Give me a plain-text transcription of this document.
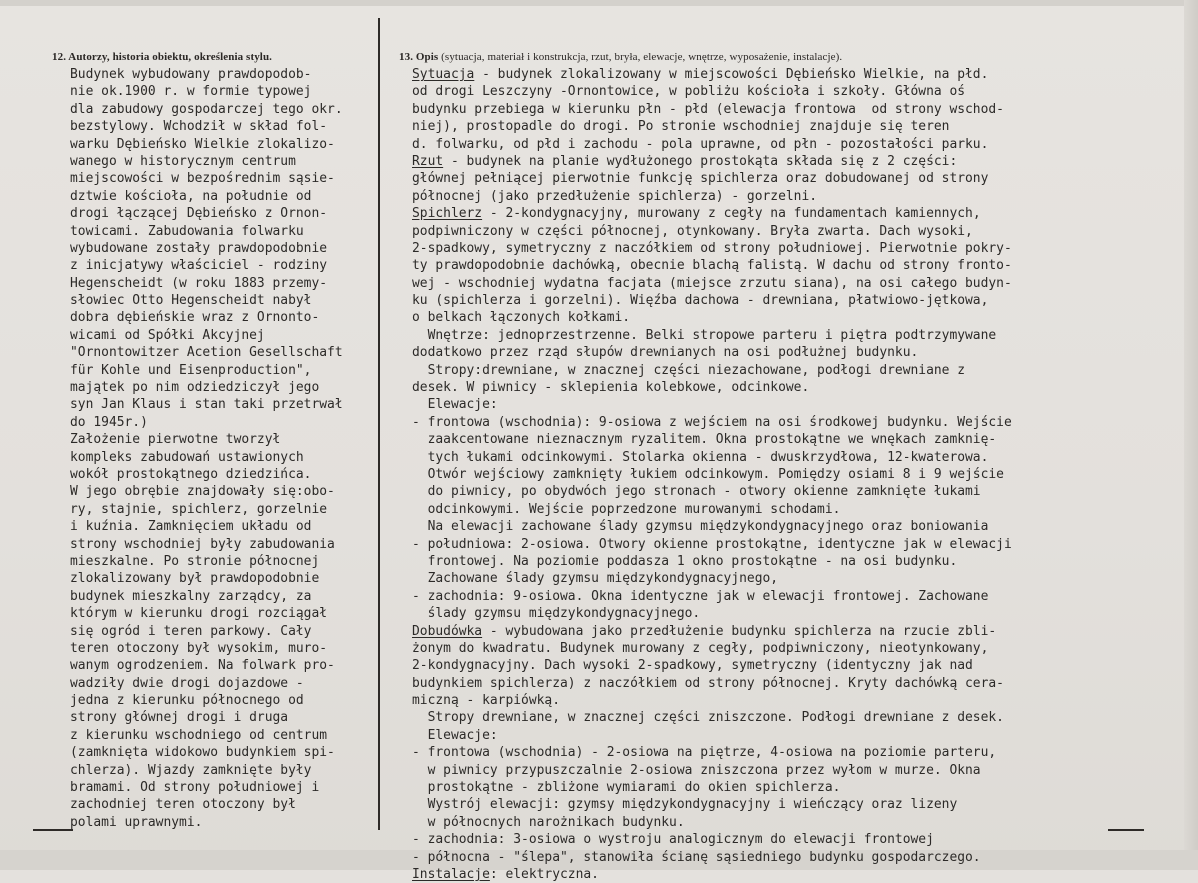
12. Autorzy, historia obiektu, określenia stylu.	13. Opis (sytuacja, materiał i konstrukcja, rzut, bryła, elewacje, wnętrze, wyposażenie, instalacje).
Budynek wybudowany prawdopodob-
nie ok.1900 r. w formie typowej
dla zabudowy gospodarczej tego okr.
bezstylowy. Wchodził w skład fol-
warku Dębieńsko Wielkie zlokalizo-
wanego w historycznym centrum
miejscowości w bezpośrednim sąsie-
dztwie kościoła, na południe od
drogi łączącej Dębieńsko z Ornon-
towicami. Zabudowania folwarku
wybudowane zostały prawdopodobnie
z inicjatywy właściciel - rodziny
Hegenscheidt (w roku 1883 przemy-
słowiec Otto Hegenscheidt nabył
dobra dębieńskie wraz z Ornonto-
wicami od Spółki Akcyjnej
"Ornontowitzer Acetion Gesellschaft
für Kohle und Eisenproduction",
majątek po nim odziedziczył jego
syn Jan Klaus i stan taki przetrwał
do 1945r.)
Założenie pierwotne tworzył
kompleks zabudowań ustawionych
wokół prostokątnego dziedzińca.
W jego obrębie znajdowały się:obo-
ry, stajnie, spichlerz, gorzelnie
i kuźnia. Zamknięciem układu od
strony wschodniej były zabudowania
mieszkalne. Po stronie północnej
zlokalizowany był prawdopodobnie
budynek mieszkalny zarządcy, za
którym w kierunku drogi rozciągał
się ogród i teren parkowy. Cały
teren otoczony był wysokim, muro-
wanym ogrodzeniem. Na folwark pro-
wadziły dwie drogi dojazdowe -
jedna z kierunku północnego od
strony głównej drogi i druga
z kierunku wschodniego od centrum
(zamknięta widokowo budynkiem spi-
chlerza). Wjazdy zamknięte były
bramami. Od strony południowej i
zachodniej teren otoczony był
polami uprawnymi.
Sytuacja - budynek zlokalizowany w miejscowości Dębieńsko Wielkie, na płd.
od drogi Leszczyny -Ornontowice, w pobliżu kościoła i szkoły. Główna oś
budynku przebiega w kierunku płn - płd (elewacja frontowa  od strony wschod-
niej), prostopadle do drogi. Po stronie wschodniej znajduje się teren
d. folwarku, od płd i zachodu - pola uprawne, od płn - pozostałości parku.
Rzut - budynek na planie wydłużonego prostokąta składa się z 2 części:
głównej pełniącej pierwotnie funkcję spichlerza oraz dobudowanej od strony
północnej (jako przedłużenie spichlerza) - gorzelni.
Spichlerz - 2-kondygnacyjny, murowany z cegły na fundamentach kamiennych,
podpiwniczony w części północnej, otynkowany. Bryła zwarta. Dach wysoki,
2-spadkowy, symetryczny z naczółkiem od strony południowej. Pierwotnie pokry-
ty prawdopodobnie dachówką, obecnie blachą falistą. W dachu od strony fronto-
wej - wschodniej wydatna facjata (miejsce zrzutu siana), na osi całego budyn-
ku (spichlerza i gorzelni). Więźba dachowa - drewniana, płatwiowo-jętkowa,
o belkach łączonych kołkami.
Wnętrze: jednoprzestrzenne. Belki stropowe parteru i piętra podtrzymywane
dodatkowo przez rząd słupów drewnianych na osi podłużnej budynku.
Stropy:drewniane, w znacznej części niezachowane, podłogi drewniane z
desek. W piwnicy - sklepienia kolebkowe, odcinkowe.
Elewacje:
- frontowa (wschodnia): 9-osiowa z wejściem na osi środkowej budynku. Wejście
zaakcentowane nieznacznym ryzalitem. Okna prostokątne we wnękach zamknię-
tych łukami odcinkowymi. Stolarka okienna - dwuskrzydłowa, 12-kwaterowa.
Otwór wejściowy zamknięty łukiem odcinkowym. Pomiędzy osiami 8 i 9 wejście
do piwnicy, po obydwóch jego stronach - otwory okienne zamknięte łukami
odcinkowymi. Wejście poprzedzone murowanymi schodami.
Na elewacji zachowane ślady gzymsu międzykondygnacyjnego oraz boniowania
- południowa: 2-osiowa. Otwory okienne prostokątne, identyczne jak w elewacji
frontowej. Na poziomie poddasza 1 okno prostokątne - na osi budynku.
Zachowane ślady gzymsu międzykondygnacyjnego,
- zachodnia: 9-osiowa. Okna identyczne jak w elewacji frontowej. Zachowane
ślady gzymsu międzykondygnacyjnego.
Dobudówka - wybudowana jako przedłużenie budynku spichlerza na rzucie zbli-
żonym do kwadratu. Budynek murowany z cegły, podpiwniczony, nieotynkowany,
2-kondygnacyjny. Dach wysoki 2-spadkowy, symetryczny (identyczny jak nad
budynkiem spichlerza) z naczółkiem od strony północnej. Kryty dachówką cera-
miczną - karpiówką.
Stropy drewniane, w znacznej części zniszczone. Podłogi drewniane z desek.
Elewacje:
- frontowa (wschodnia) - 2-osiowa na piętrze, 4-osiowa na poziomie parteru,
w piwnicy przypuszczalnie 2-osiowa zniszczona przez wyłom w murze. Okna
prostokątne - zbliżone wymiarami do okien spichlerza.
Wystrój elewacji: gzymsy międzykondygnacyjny i wieńczący oraz lizeny
w północnych narożnikach budynku.
- zachodnia: 3-osiowa o wystroju analogicznym do elewacji frontowej
- północna - "ślepa", stanowiła ścianę sąsiedniego budynku gospodarczego.
Instalacje: elektryczna.
